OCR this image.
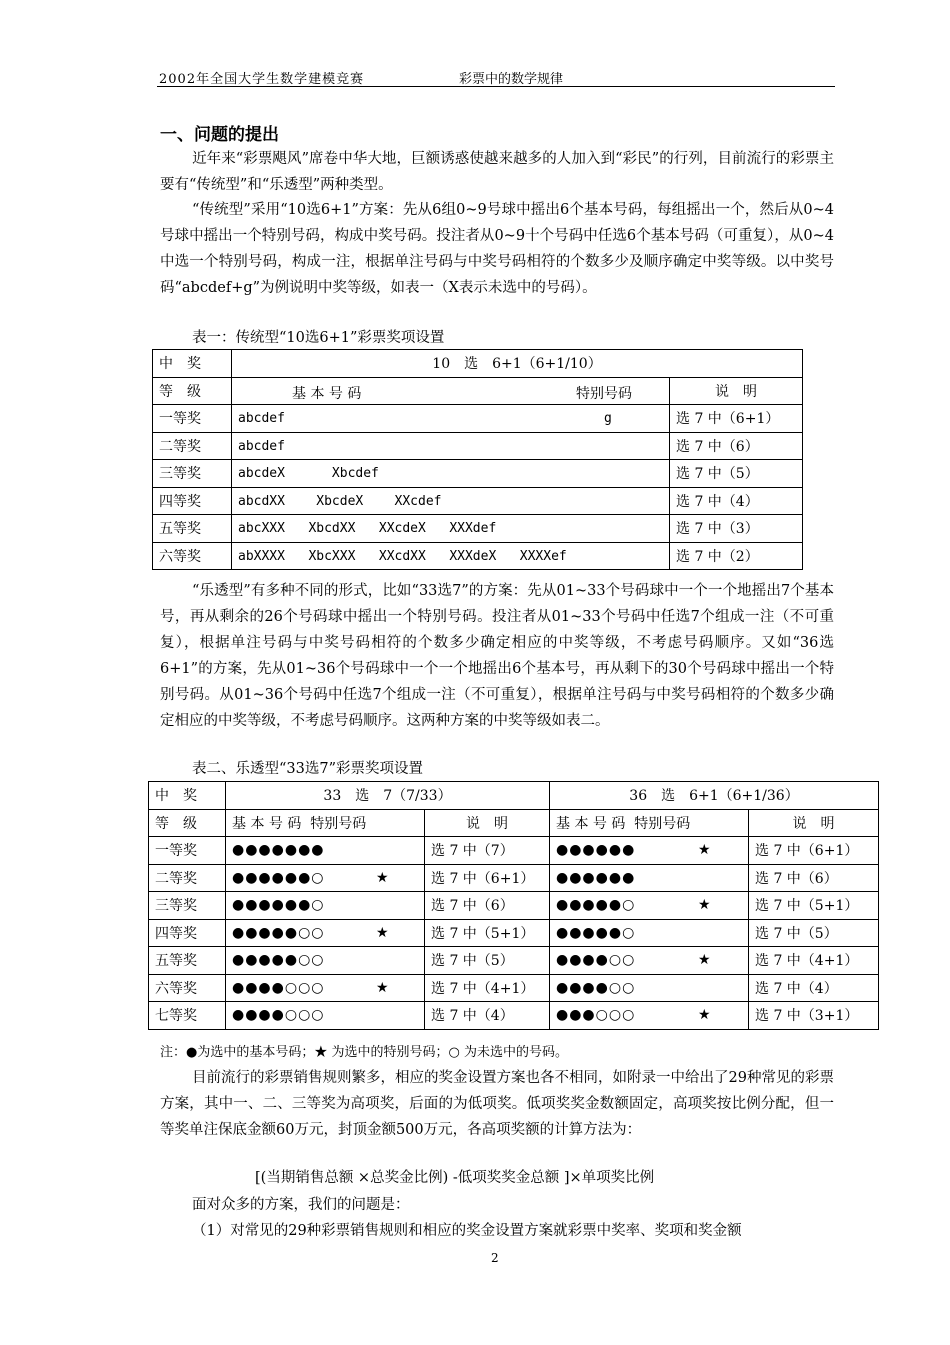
2002年全国大学生数学建模竞赛	彩票中的数学规律
一、问题的提出
近年来“彩票飓风”席卷中华大地，巨额诱惑使越来越多的人加入到“彩民”的行列，目前流行的彩票主要有“传统型”和“乐透型”两种类型。
“传统型”采用“10选6+1”方案：先从6组0~9号球中摇出6个基本号码，每组摇出一个，然后从0~4号球中摇出一个特别号码，构成中奖号码。投注者从0~9十个号码中任选6个基本号码（可重复），从0~4中选一个特别号码，构成一注，根据单注号码与中奖号码相符的个数多少及顺序确定中奖等级。以中奖号码“abcdef+g”为例说明中奖等级，如表一（X表示未选中的号码）。
表一：传统型“10选6+1”彩票奖项设置
中　奖	10　选　6+1（6+1/10）	
等　级	基 本 号 码 特别号码	说　明
一等奖	abcdef g	选 7 中（6+1）
二等奖	abcdef	选 7 中（6）
三等奖	abcdeX      Xbcdef	选 7 中（5）
四等奖	abcdXX    XbcdeX    XXcdef	选 7 中（4）
五等奖	abcXXX   XbcdXX   XXcdeX   XXXdef	选 7 中（3）
六等奖	abXXXX   XbcXXX   XXcdXX   XXXdeX   XXXXef	选 7 中（2）
“乐透型”有多种不同的形式，比如“33选7”的方案：先从01~33个号码球中一个一个地摇出7个基本号，再从剩余的26个号码球中摇出一个特别号码。投注者从01~33个号码中任选7个组成一注（不可重复），根据单注号码与中奖号码相符的个数多少确定相应的中奖等级，不考虑号码顺序。又如“36选6+1”的方案，先从01~36个号码球中一个一个地摇出6个基本号，再从剩下的30个号码球中摇出一个特别号码。从01~36个号码中任选7个组成一注（不可重复），根据单注号码与中奖号码相符的个数多少确定相应的中奖等级，不考虑号码顺序。这两种方案的中奖等级如表二。
表二、乐透型“33选7”彩票奖项设置
中　奖	33　选　7（7/33）		36　选　6+1（6+1/36）	
等　级	基 本 号 码 特别号码	说　明	基 本 号 码 特别号码	说　明
一等奖	●●●●●●●	选 7 中（7）	●●●●●● ★	选 7 中（6+1）
二等奖	●●●●●●○ ★	选 7 中（6+1）	●●●●●●	选 7 中（6）
三等奖	●●●●●●○	选 7 中（6）	●●●●●○ ★	选 7 中（5+1）
四等奖	●●●●●○○ ★	选 7 中（5+1）	●●●●●○	选 7 中（5）
五等奖	●●●●●○○	选 7 中（5）	●●●●○○ ★	选 7 中（4+1）
六等奖	●●●●○○○ ★	选 7 中（4+1）	●●●●○○	选 7 中（4）
七等奖	●●●●○○○	选 7 中（4）	●●●○○○ ★	选 7 中（3+1）
注：●为选中的基本号码；★ 为选中的特别号码；○ 为未选中的号码。
目前流行的彩票销售规则繁多，相应的奖金设置方案也各不相同，如附录一中给出了29种常见的彩票方案，其中一、二、三等奖为高项奖，后面的为低项奖。低项奖奖金数额固定，高项奖按比例分配，但一等奖单注保底金额60万元，封顶金额500万元，各高项奖额的计算方法为：
[(当期销售总额 ×总奖金比例) -低项奖奖金总额 ]×单项奖比例
面对众多的方案，我们的问题是：
（1）对常见的29种彩票销售规则和相应的奖金设置方案就彩票中奖率、奖项和奖金额
2
